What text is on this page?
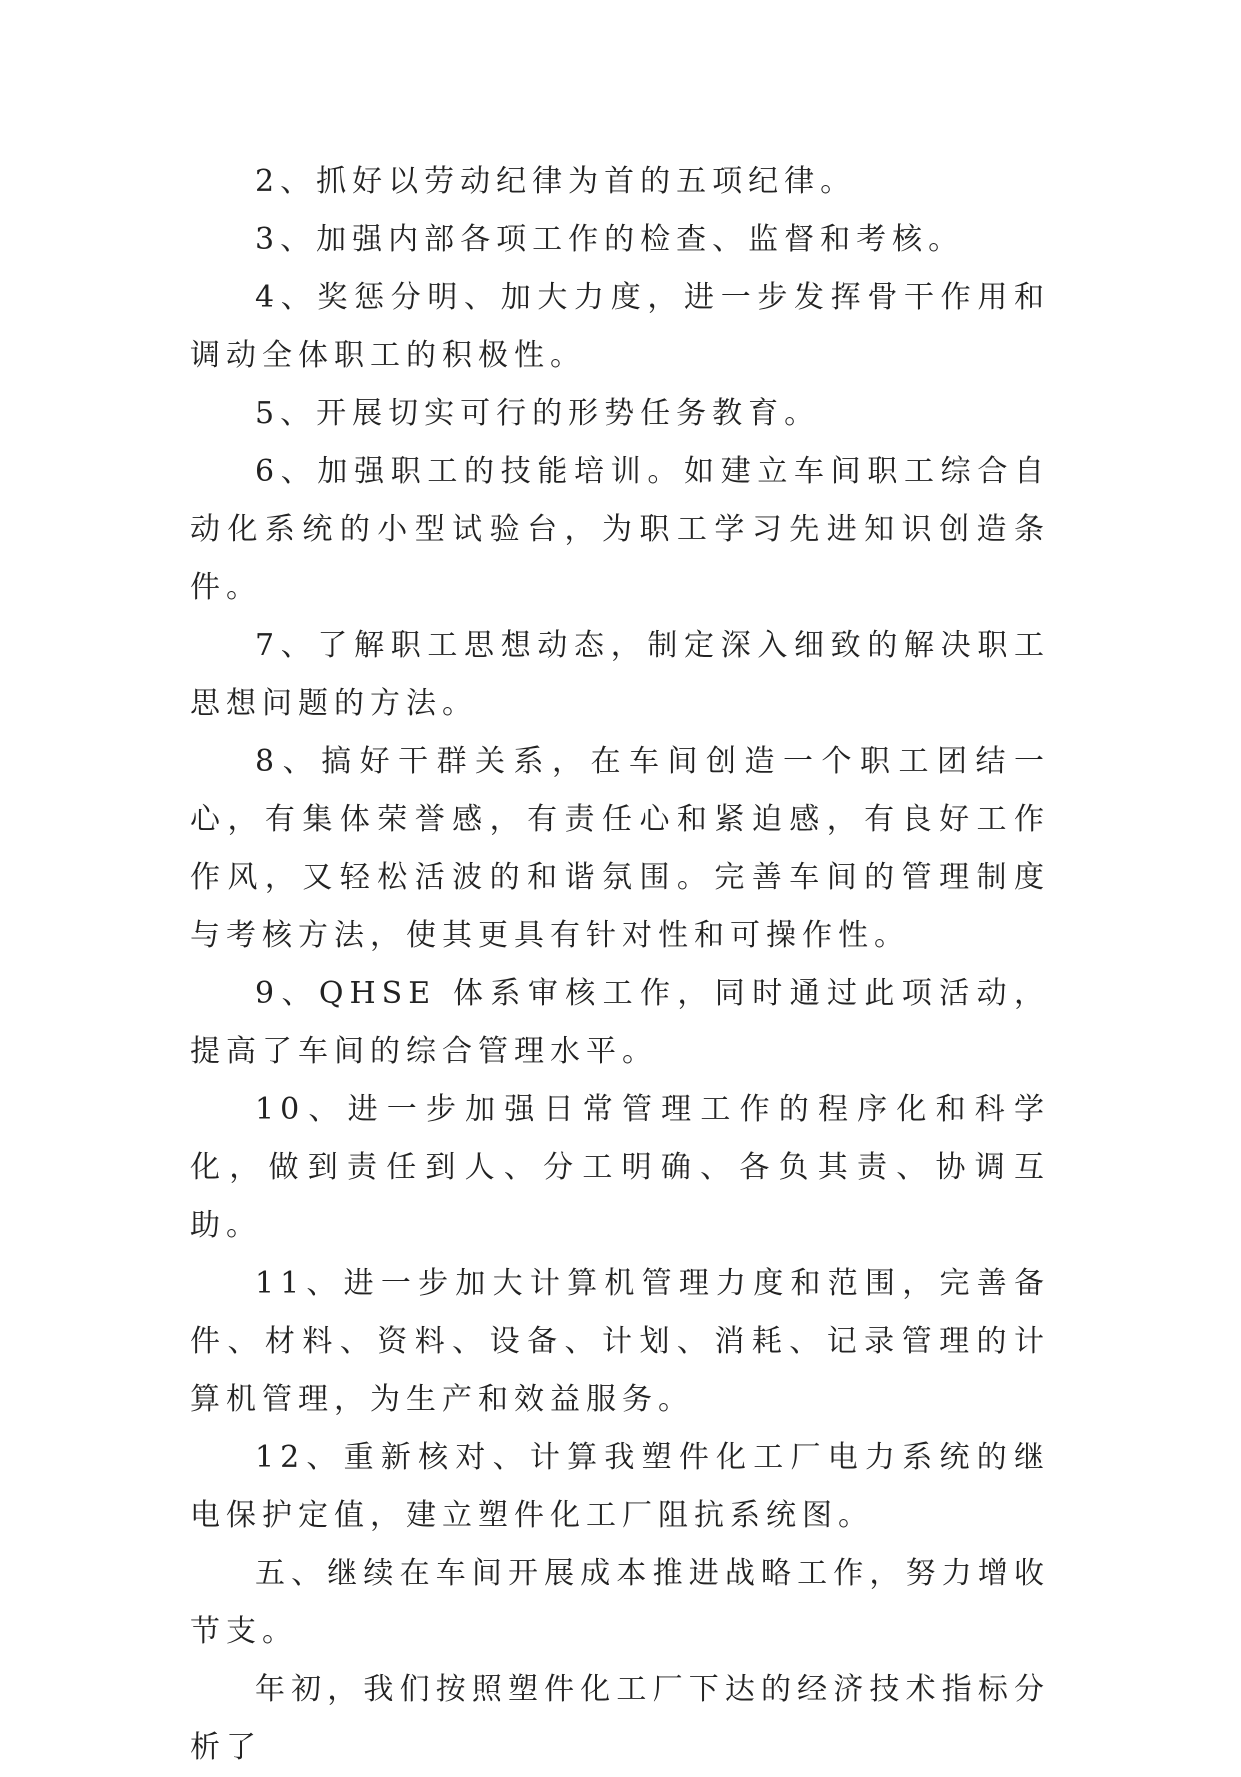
2、抓好以劳动纪律为首的五项纪律。

3、加强内部各项工作的检查、监督和考核。

4、奖惩分明、加大力度，进一步发挥骨干作用和调动全体职工的积极性。

5、开展切实可行的形势任务教育。

6、加强职工的技能培训。如建立车间职工综合自动化系统的小型试验台，为职工学习先进知识创造条件。

7、了解职工思想动态，制定深入细致的解决职工思想问题的方法。

8、搞好干群关系，在车间创造一个职工团结一心，有集体荣誉感，有责任心和紧迫感，有良好工作作风，又轻松活波的和谐氛围。完善车间的管理制度与考核方法，使其更具有针对性和可操作性。

9、QHSE 体系审核工作，同时通过此项活动，提高了车间的综合管理水平。

10、进一步加强日常管理工作的程序化和科学化，做到责任到人、分工明确、各负其责、协调互助。

11、进一步加大计算机管理力度和范围，完善备件、材料、资料、设备、计划、消耗、记录管理的计算机管理，为生产和效益服务。

12、重新核对、计算我塑件化工厂电力系统的继电保护定值，建立塑件化工厂阻抗系统图。

五、继续在车间开展成本推进战略工作，努力增收节支。

年初，我们按照塑件化工厂下达的经济技术指标分析了
